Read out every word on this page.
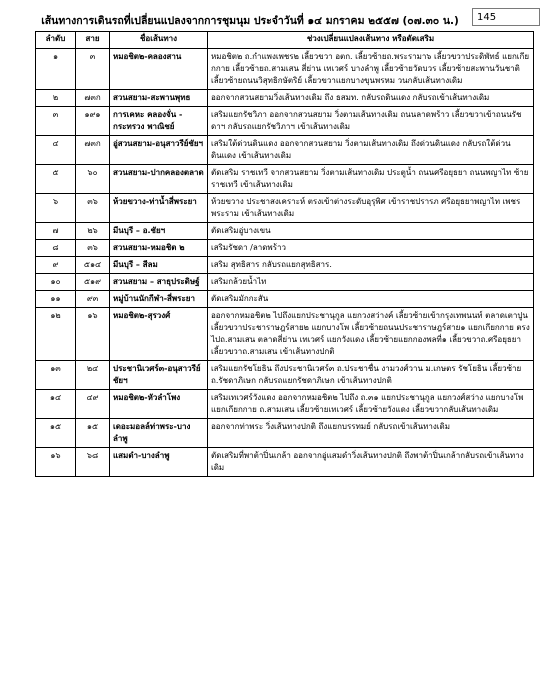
เส้นทางการเดินรถที่เปลี่ยนแปลงจากการชุมนุม ประจำวันที่ ๑๔ มกราคม ๒๕๕๗ (๐๗.๓๐ น.)	145
ลำดับ	สาย	ชื่อเส้นทาง	ช่วงเปลี่ยนแปลงเส้นทาง หรือตัดเสริม
๑	๓	หมอชิต๒-คลองสาน	หมอชิต๒ ถ.กำแพงเพชร๒ เลี้ยวขวา อตก. เลี้ยวซ้ายถ.พระรามา๖ เลี้ยวขวาประดิพัทธ์ แยกเกียกกาย เลี้ยวซ้ายถ.สามเสน สี่ย่าน เทเวศร์ บางลำพู เลี้ยวซ้ายวัดบวร เลี้ยวซ้ายสะพานวันชาติ เลี้ยวซ้ายถนนวิสุทธิกษัตริย์ เลี้ยวขวาแยกบางขุนพรหม วนกลับเส้นทางเดิม
๒	๗๓ก	สวนสยาม-สะพานพุทธ	ออกจากสวนสยามวิ่งเส้นทางเดิม ถึง ธสมท. กลับรถดินแดง กลับรถเข้าเส้นทางเดิม
๓	๑๙๑	การเคหะ คลองจั่น - กระทรวง พาณิชย์	เสริมแยกรัชวิภา ออกจากสวนสยาม วิ่งตามเส้นทางเดิม ถนนลาดพร้าว เลี้ยวขวาเข้าถนนรัชดาฯ กลับรถแยกรัชวิภาฯ เข้าเส้นทางเดิม
๔	๗๓ก	อู่สวนสยาม-อนุสาวรีย์ชัยฯ	เสริมใต้ด่วนดินแดง ออกจากสวนสยาม วิ่งตามเส้นทางเดิม ถึงด่วนดินแดง กลับรถใต้ด่วนดินแดง เข้าเส้นทางเดิม
๕	๖๐	สวนสยาม-ปากคลองตลาด	ตัดเสริม ราชเทวี จากสวนสยาม วิ่งตามเส้นทางเดิม ประตูน้ำ ถนนศรีอยุธยา ถนนพญาไท ซ้ายราชเทวี เข้าเส้นทางเดิม
๖	๓๖	ห้วยขวาง-ท่าน้ำสี่พระยา	ห้วยขวาง ประชาสงเคราะห์ ตรงเข้าต่างระดับอุรุพิศ เข้าราชปรารภ ศรีอยุธยาพญาไท เพชรพระราม เข้าเส้นทางเดิม
๗	๒๖	มีนบุรี – อ.ชัยฯ	ตัดเสริมอู่บางเขน
๘	๓๖	สวนสยาม-หมอชิต ๒	เสริมรัชดา /ลาดพร้าว
๙	๕๑๔	มีนบุรี – สีลม	เสริม สุทธิสาร กลับรถแยกสุทธิสาร.
๑๐	๕๑๙	สวนสยาม – สาธุประดิษฐ์	เสริมกล้วยน้ำไท
๑๑	๙๓	หมู่บ้านนักกีฬา-สี่พระยา	ตัดเสริมมักกะสัน
๑๒	๑๖	หมอชิต๒-สุรวงศ์	ออกจากหมอชิต๒ ไปถึงแยกประชานุกูล แยกวงสว่างค์ เลี้ยวซ้ายเข้ากรุงเทพนนท์ ตลาดเตาปูน เลี้ยวขวาประชาราษฎร์สาย๒ แยกบางโพ เลี้ยวซ้ายถนนประชาราษฎร์สาย๑ แยกเกียกกาย ตรงไปถ.สามเสน ตลาดสี่ย่าน เทเวศร์ แยกวังแดง เลี้ยวซ้ายแยกกองพลที่๑ เลี้ยวขวาถ.ศรีอยุธยา เลี้ยวขวาถ.สามเสน เข้าเส้นทางปกติ
๑๓	๒๔	ประชานิเวศร์๓-อนุสาวรีย์ชัยฯ	เสริมแยกรัชโยธิน ถึงประชานิเวศร์๓ ถ.ประชาชื่น งามวงศ์วาน ม.เกษตร รัชโยธิน เลี้ยวซ้ายถ.รัชดาภิเษก กลับรถแยกรัชดาภิเษก เข้าเส้นทางปกติ
๑๔	๔๙	หมอชิต๒-หัวลำโพง	เสริมเทเวศร์วังแดง ออกจากหมอชิต๒ ไปถึง ถ.๓๑ แยกประชานุกูล แยกวงศ์สว่าง แยกบางโพ แยกเกียกกาย ถ.สามเสน เลี้ยวซ้ายเทเวศร์ เลี้ยวซ้ายวังแดง เลี้ยวขวากลับเส้นทางเดิม
๑๕	๑๕	เดอะมอลล์ท่าพระ-บางลำพู	ออกจากท่าพระ วิ่งเส้นทางปกติ ถึงแยกบรรทมย์ กลับรถเข้าเส้นทางเดิม
๑๖	๖๘	แสมดำ-บางลำพู	ตัดเสริมที่พาต้าปิ่นเกล้า ออกจากอู่แสมดำวิ่งเส้นทางปกติ ถึงพาต้าปิ่นเกล้ากลับรถเข้าเส้นทางเดิม
